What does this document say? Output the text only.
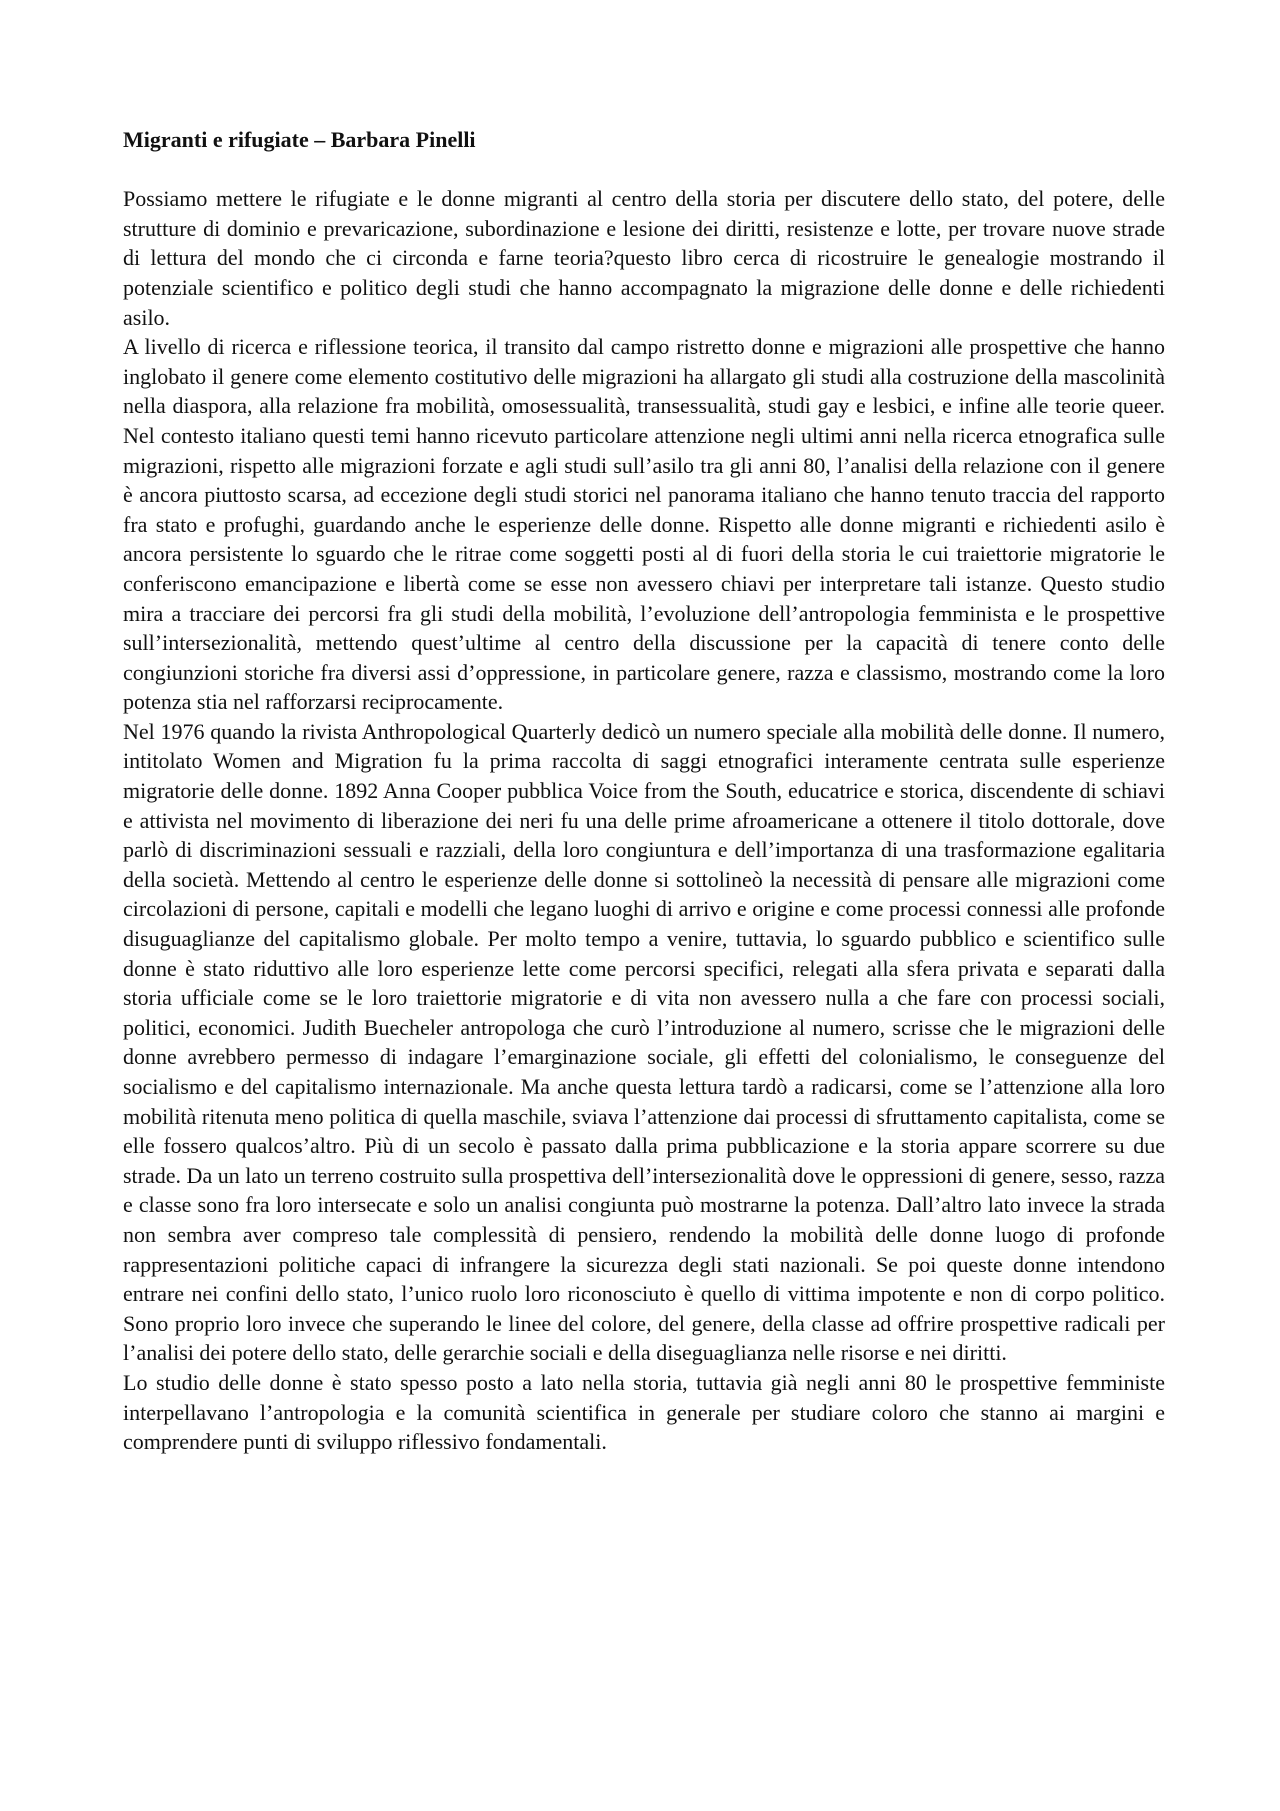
Migranti e rifugiate – Barbara Pinelli

Possiamo mettere le rifugiate e le donne migranti al centro della storia per discutere dello stato, del potere, delle strutture di dominio e prevaricazione, subordinazione e lesione dei diritti, resistenze e lotte, per trovare nuove strade di lettura del mondo che ci circonda e farne teoria?questo libro cerca di ricostruire le genealogie mostrando il potenziale scientifico e politico degli studi che hanno accompagnato la migrazione delle donne e delle richiedenti asilo.

A livello di ricerca e riflessione teorica, il transito dal campo ristretto donne e migrazioni alle prospettive che hanno inglobato il genere come elemento costitutivo delle migrazioni ha allargato gli studi alla costruzione della mascolinità nella diaspora, alla relazione fra mobilità, omosessualità, transessualità, studi gay e lesbici, e infine alle teorie queer. Nel contesto italiano questi temi hanno ricevuto particolare attenzione negli ultimi anni nella ricerca etnografica sulle migrazioni, rispetto alle migrazioni forzate e agli studi sull’asilo tra gli anni 80, l’analisi della relazione con il genere è ancora piuttosto scarsa, ad eccezione degli studi storici nel panorama italiano che hanno tenuto traccia del rapporto fra stato e profughi, guardando anche le esperienze delle donne. Rispetto alle donne migranti e richiedenti asilo è ancora persistente lo sguardo che le ritrae come soggetti posti al di fuori della storia le cui traiettorie migratorie le conferiscono emancipazione e libertà come se esse non avessero chiavi per interpretare tali istanze. Questo studio mira a tracciare dei percorsi fra gli studi della mobilità, l’evoluzione dell’antropologia femminista e le prospettive sull’intersezionalità, mettendo quest’ultime al centro della discussione per la capacità di tenere conto delle congiunzioni storiche fra diversi assi d’oppressione, in particolare genere, razza e classismo, mostrando come la loro potenza stia nel rafforzarsi reciprocamente.

Nel 1976 quando la rivista Anthropological Quarterly dedicò un numero speciale alla mobilità delle donne. Il numero, intitolato Women and Migration fu la prima raccolta di saggi etnografici interamente centrata sulle esperienze migratorie delle donne. 1892 Anna Cooper pubblica Voice from the South, educatrice e storica, discendente di schiavi e attivista nel movimento di liberazione dei neri fu una delle prime afroamericane a ottenere il titolo dottorale, dove parlò di discriminazioni sessuali e razziali, della loro congiuntura e dell’importanza di una trasformazione egalitaria della società. Mettendo al centro le esperienze delle donne si sottolineò la necessità di pensare alle migrazioni come circolazioni di persone, capitali e modelli che legano luoghi di arrivo e origine e come processi connessi alle profonde disuguaglianze del capitalismo globale. Per molto tempo a venire, tuttavia, lo sguardo pubblico e scientifico sulle donne è stato riduttivo alle loro esperienze lette come percorsi specifici, relegati alla sfera privata e separati dalla storia ufficiale come se le loro traiettorie migratorie e di vita non avessero nulla a che fare con processi sociali, politici, economici. Judith Buecheler antropologa che curò l’introduzione al numero, scrisse che le migrazioni delle donne avrebbero permesso di indagare l’emarginazione sociale, gli effetti del colonialismo, le conseguenze del socialismo e del capitalismo internazionale. Ma anche questa lettura tardò a radicarsi, come se l’attenzione alla loro mobilità ritenuta meno politica di quella maschile, sviava l’attenzione dai processi di sfruttamento capitalista, come se elle fossero qualcos’altro. Più di un secolo è passato dalla prima pubblicazione e la storia appare scorrere su due strade. Da un lato un terreno costruito sulla prospettiva dell’intersezionalità dove le oppressioni di genere, sesso, razza e classe sono fra loro intersecate e solo un analisi congiunta può mostrarne la potenza. Dall’altro lato invece la strada non sembra aver compreso tale complessità di pensiero, rendendo la mobilità delle donne luogo di profonde rappresentazioni politiche capaci di infrangere la sicurezza degli stati nazionali. Se poi queste donne intendono entrare nei confini dello stato, l’unico ruolo loro riconosciuto è quello di vittima impotente e non di corpo politico. Sono proprio loro invece che superando le linee del colore, del genere, della classe ad offrire prospettive radicali per l’analisi dei potere dello stato, delle gerarchie sociali e della diseguaglianza nelle risorse e nei diritti.

Lo studio delle donne è stato spesso posto a lato nella storia, tuttavia già negli anni 80 le prospettive femministe interpellavano l’antropologia e la comunità scientifica in generale per studiare coloro che stanno ai margini e comprendere punti di sviluppo riflessivo fondamentali.
